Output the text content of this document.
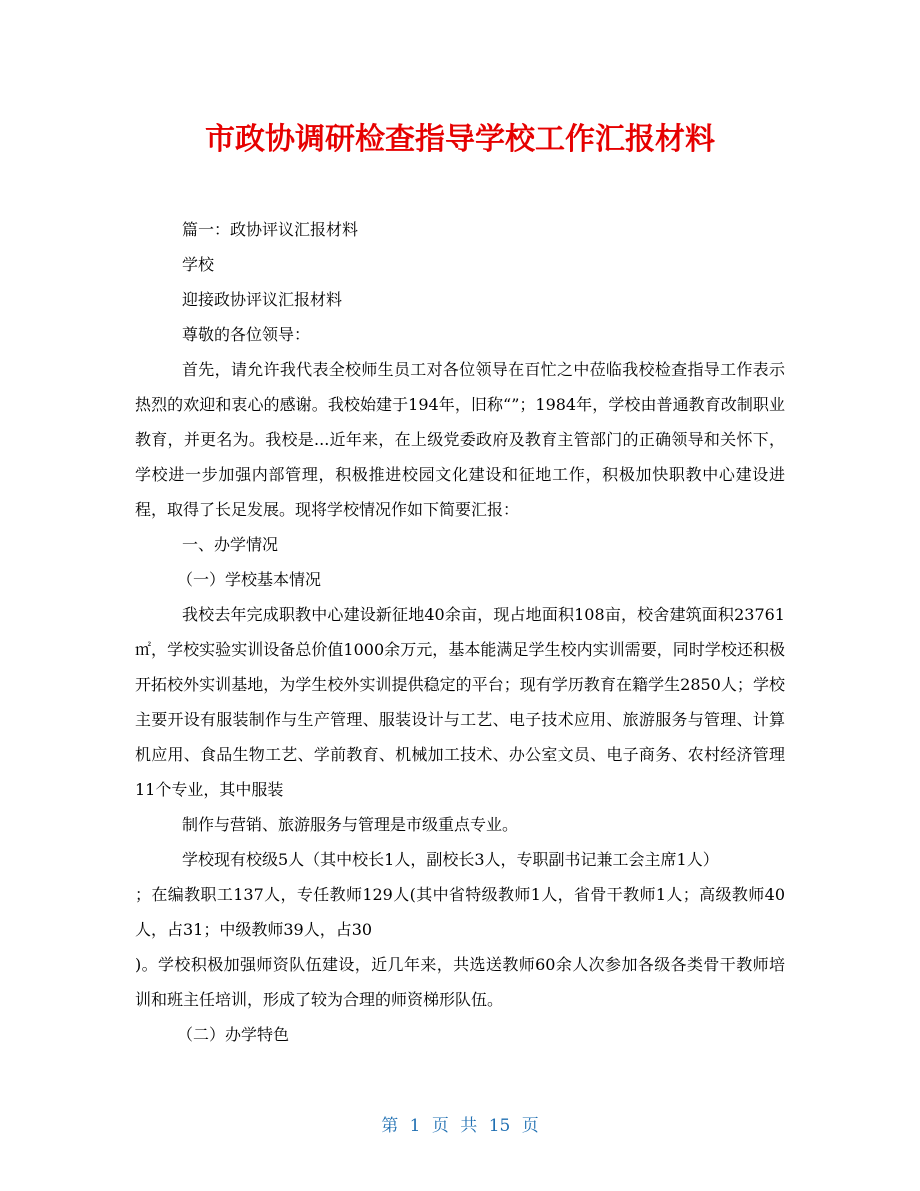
市政协调研检查指导学校工作汇报材料

篇一：政协评议汇报材料

学校

迎接政协评议汇报材料

尊敬的各位领导：

首先，请允许我代表全校师生员工对各位领导在百忙之中莅临我校检查指导工作表示热烈的欢迎和衷心的感谢。我校始建于194年，旧称“”；1984年，学校由普通教育改制职业教育，并更名为。我校是...近年来，在上级党委政府及教育主管部门的正确领导和关怀下，学校进一步加强内部管理，积极推进校园文化建设和征地工作，积极加快职教中心建设进程，取得了长足发展。现将学校情况作如下简要汇报：

一、办学情况

（一）学校基本情况

我校去年完成职教中心建设新征地40余亩，现占地面积108亩，校舍建筑面积23761㎡，学校实验实训设备总价值1000余万元，基本能满足学生校内实训需要，同时学校还积极开拓校外实训基地，为学生校外实训提供稳定的平台；现有学历教育在籍学生2850人；学校主要开设有服装制作与生产管理、服装设计与工艺、电子技术应用、旅游服务与管理、计算机应用、食品生物工艺、学前教育、机械加工技术、办公室文员、电子商务、农村经济管理11个专业，其中服装

制作与营销、旅游服务与管理是市级重点专业。

学校现有校级5人（其中校长1人，副校长3人，专职副书记兼工会主席1人）

；在编教职工137人，专任教师129人(其中省特级教师1人，省骨干教师1人；高级教师40人，占31；中级教师39人，占30

)。学校积极加强师资队伍建设，近几年来，共选送教师60余人次参加各级各类骨干教师培训和班主任培训，形成了较为合理的师资梯形队伍。

（二）办学特色

第 1 页 共 15 页
